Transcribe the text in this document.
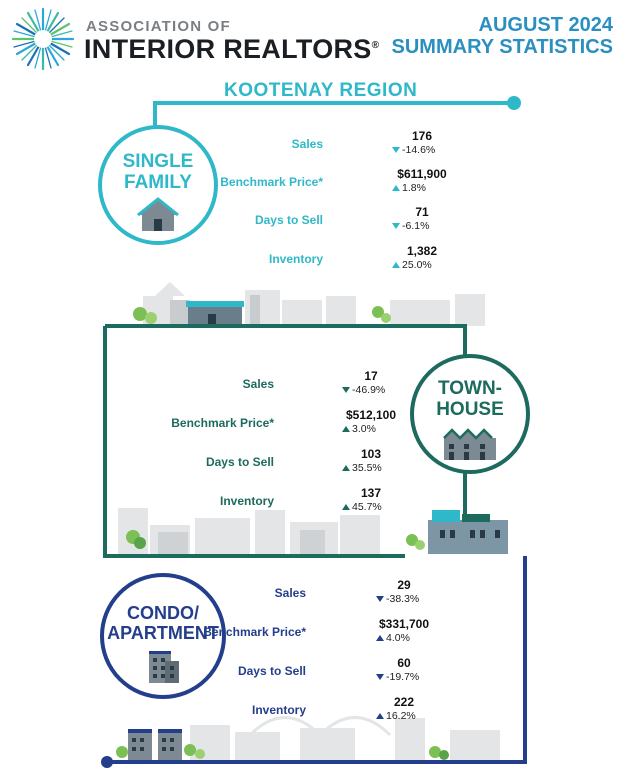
ASSOCIATION OF
INTERIOR REALTORS®
AUGUST 2024
SUMMARY STATISTICS
KOOTENAY REGION
SINGLE
FAMILY
Sales
176
-14.6%
Benchmark Price*
$611,900
1.8%
Days to Sell
71
-6.1%
Inventory
1,382
25.0%
TOWN-
HOUSE
Sales
17
-46.9%
Benchmark Price*
$512,100
3.0%
Days to Sell
103
35.5%
Inventory
137
45.7%
CONDO/
APARTMENT
Sales
29
-38.3%
Benchmark Price*
$331,700
4.0%
Days to Sell
60
-19.7%
Inventory
222
16.2%
